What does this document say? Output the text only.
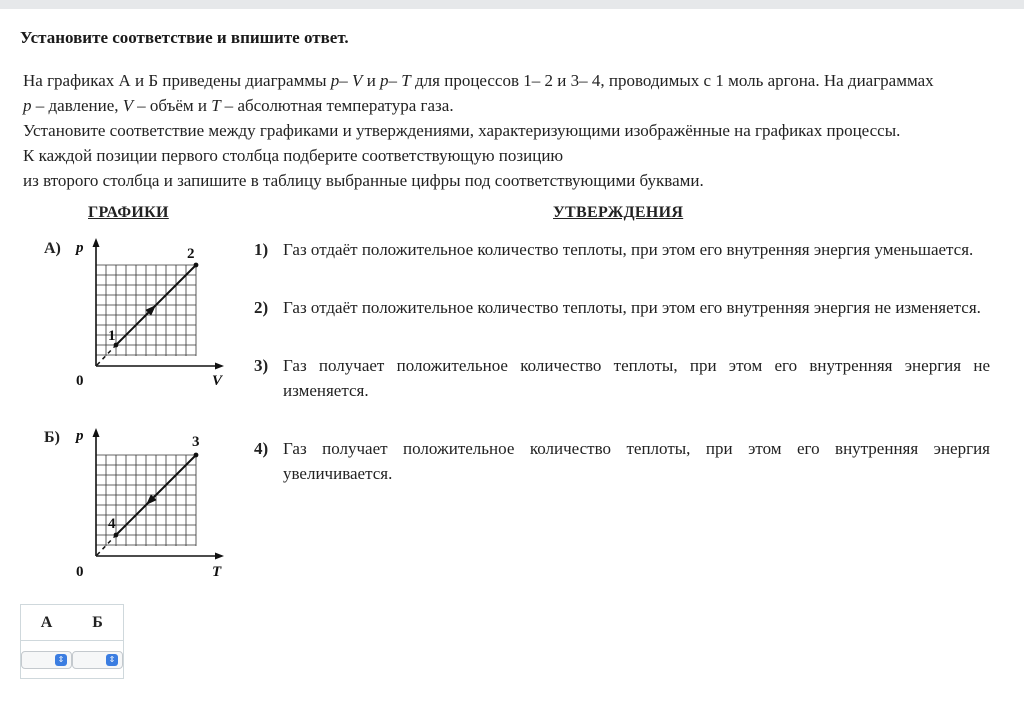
Установите соответствие и впишите ответ.

На графиках А и Б приведены диаграммы p– V и p– T для процессов 1– 2 и 3– 4, проводимых с 1 моль аргона. На диаграммах

p – давление, V – объём и T – абсолютная температура газа.

Установите соответствие между графиками и утверждениями, характеризующими изображённые на графиках процессы.

К каждой позиции первого столбца подберите соответствующую позицию

из второго столбца и запишите в таблицу выбранные цифры под соответствующими буквами.

ГРАФИКИ	УТВЕРЖДЕНИЯ
А) p
V
0
1
2
Б) p
T
0
4
3
1) Газ отдаёт положительное количество теплоты, при этом его внутренняя энергия уменьшается.
2) Газ отдаёт положительное количество теплоты, при этом его внутренняя энергия не изменяется.
3) Газ получает положительное количество теплоты, при этом его внутренняя энергия не изменяется.
4) Газ получает положительное количество теплоты, при этом его внутренняя энергия увеличивается.
А	Б
⇕	⇕
